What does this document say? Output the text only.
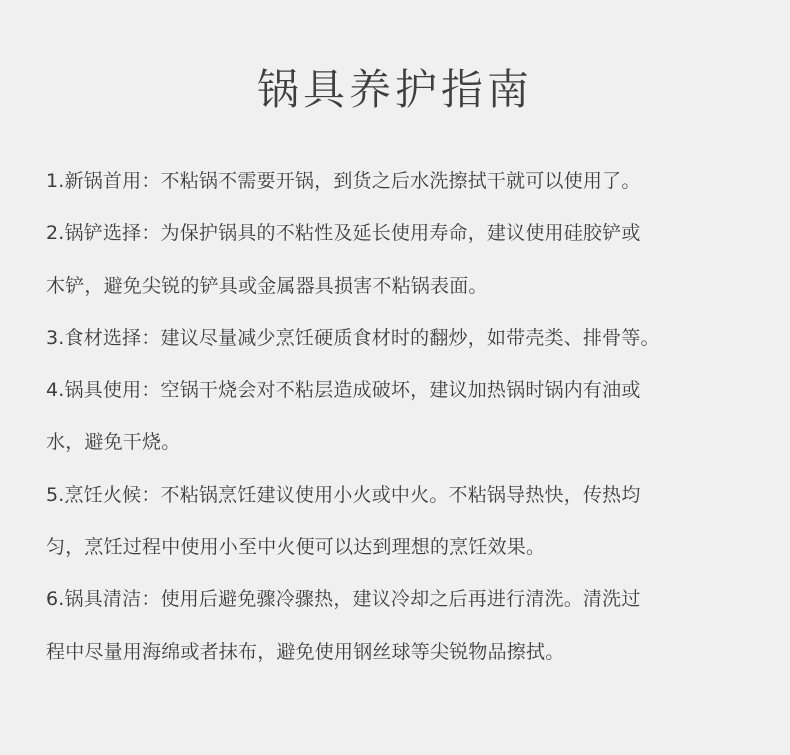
锅具养护指南
1.新锅首用：不粘锅不需要开锅，到货之后水洗擦拭干就可以使用了。
2.锅铲选择：为保护锅具的不粘性及延长使用寿命，建议使用硅胶铲或
木铲，避免尖锐的铲具或金属器具损害不粘锅表面。
3.食材选择：建议尽量减少烹饪硬质食材时的翻炒，如带壳类、排骨等。
4.锅具使用：空锅干烧会对不粘层造成破坏，建议加热锅时锅内有油或
水，避免干烧。
5.烹饪火候：不粘锅烹饪建议使用小火或中火。不粘锅导热快，传热均
匀，烹饪过程中使用小至中火便可以达到理想的烹饪效果。
6.锅具清洁：使用后避免骤冷骤热，建议冷却之后再进行清洗。清洗过
程中尽量用海绵或者抹布，避免使用钢丝球等尖锐物品擦拭。
